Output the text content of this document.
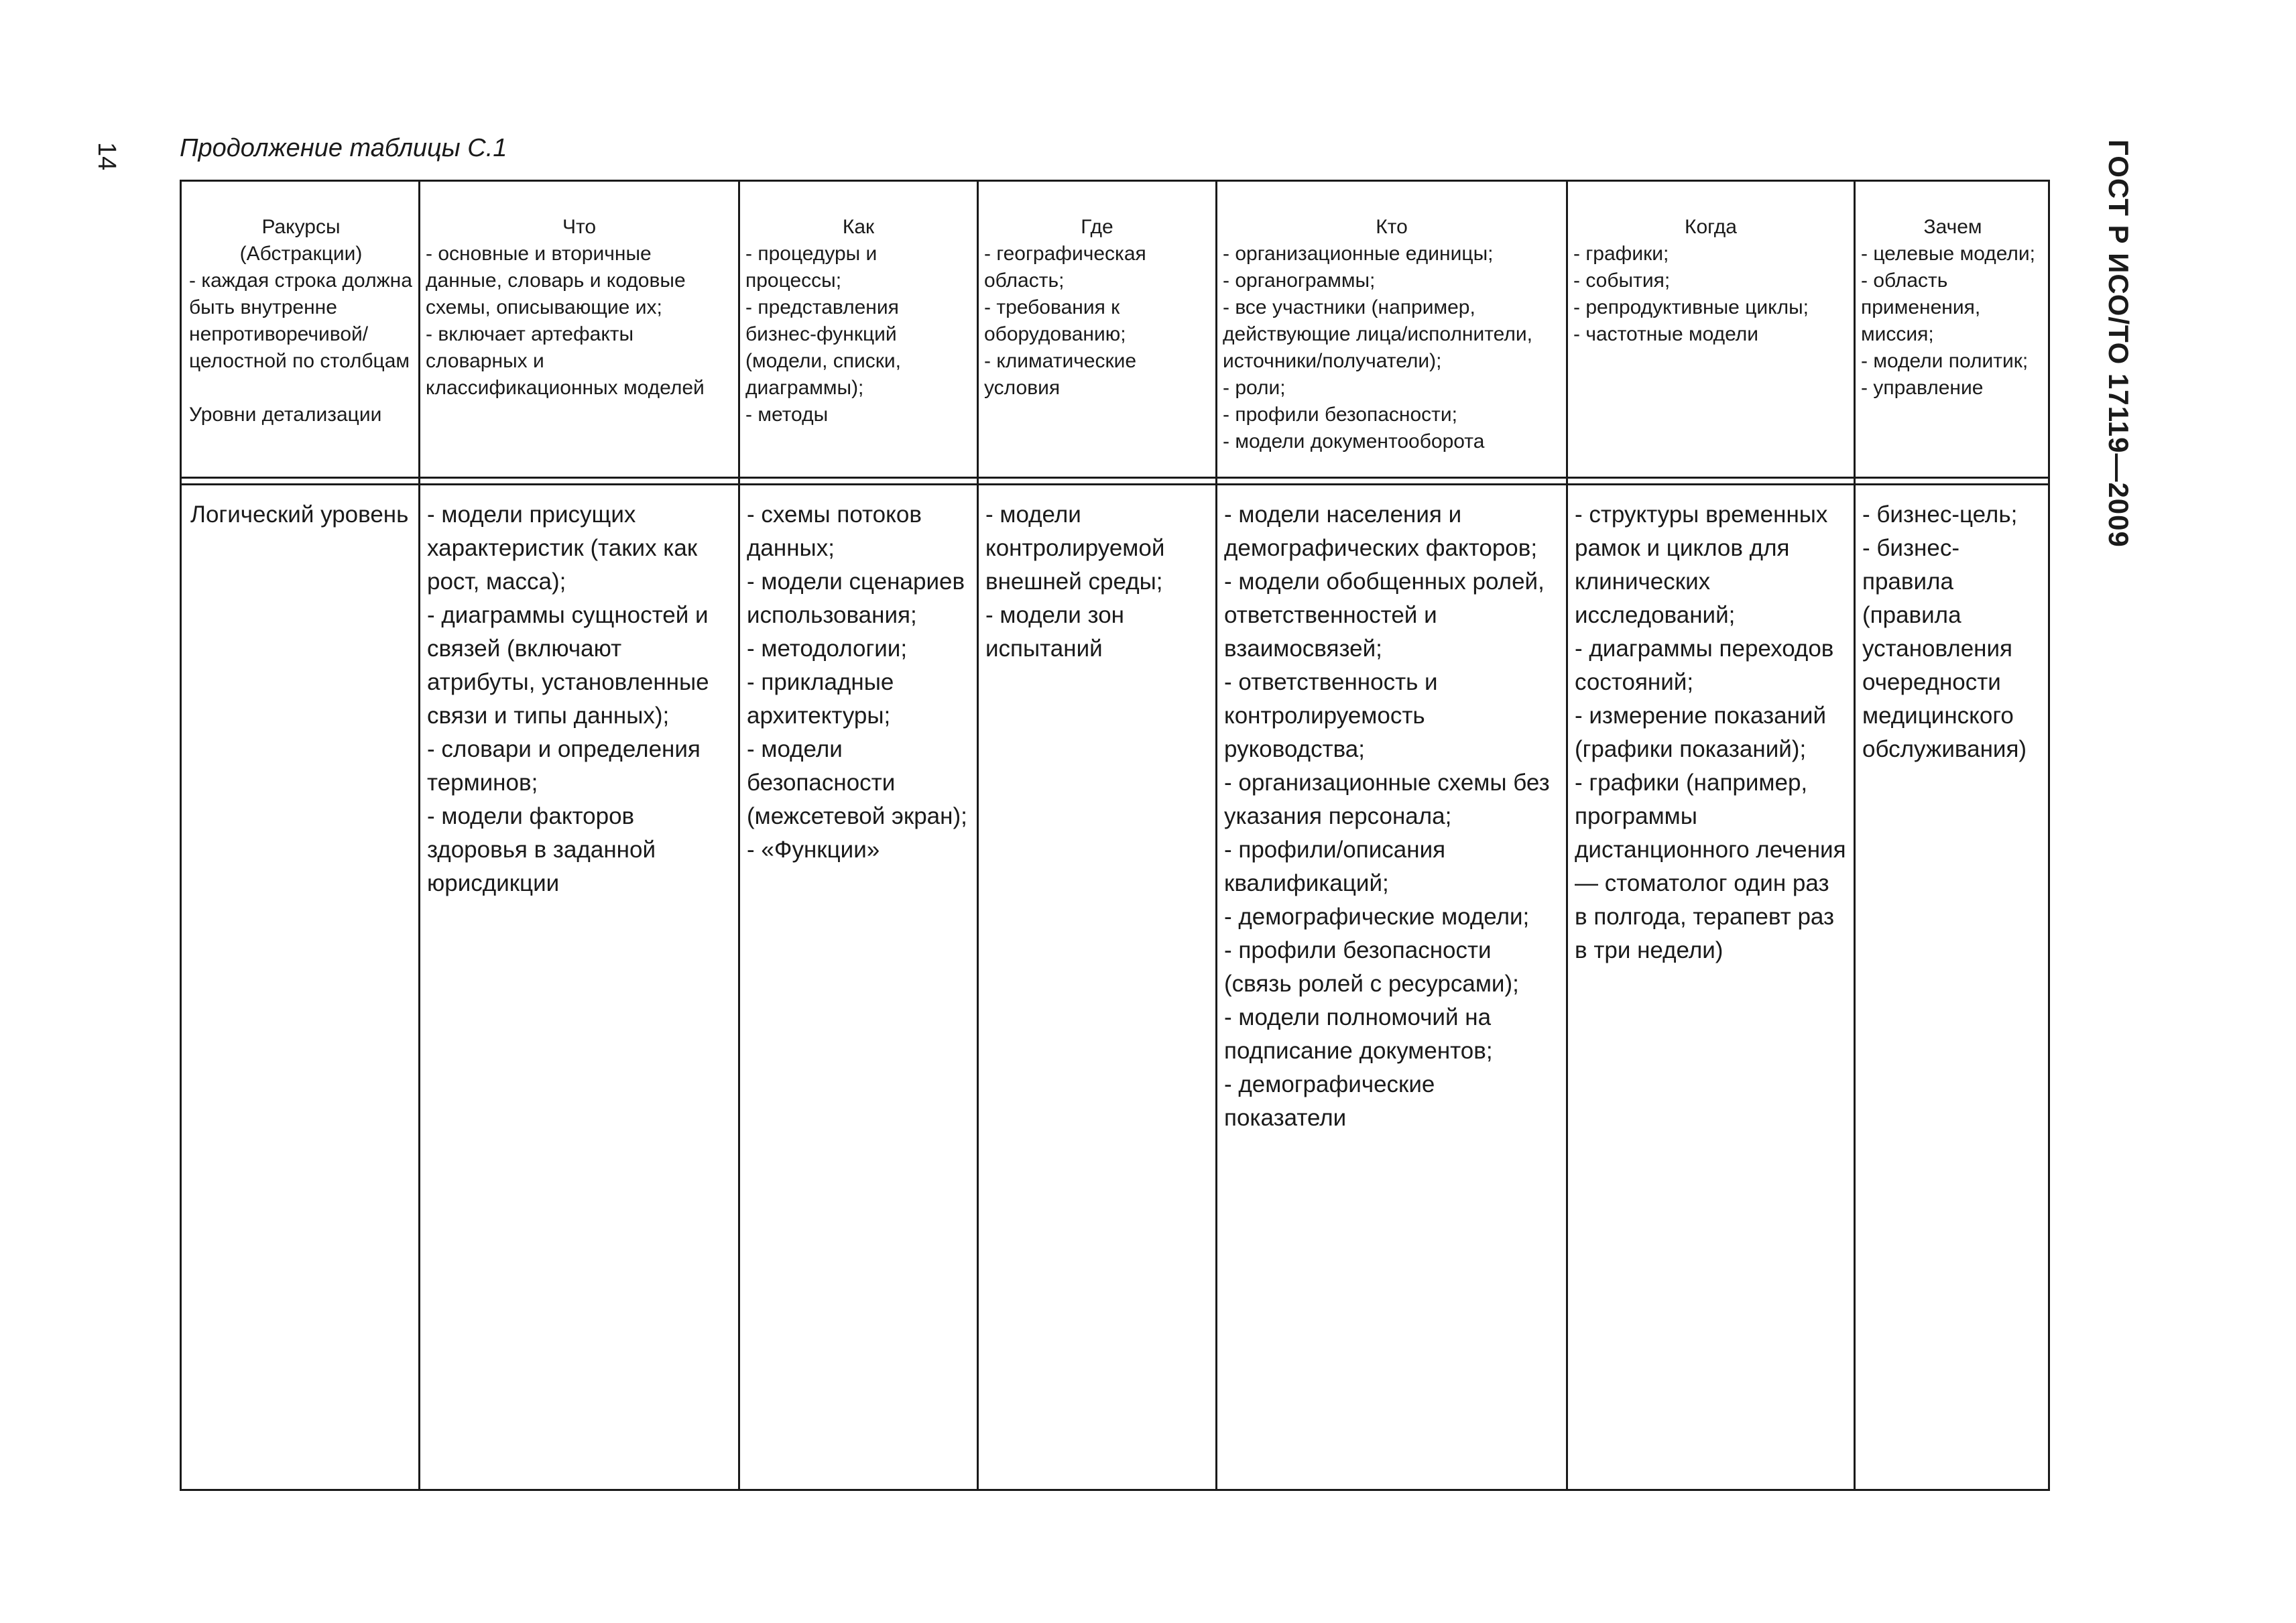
14 Продолжение таблицы С.1	ГОСТ Р ИСО/ТО 17119—2009

Ракурсы
(Абстракции)
- каждая строка должна быть внутренне непротиворечивой/целостной по столбцам

Уровни детализации

Что
- основные и вторичные данные, словарь и кодовые схемы, описывающие их;
- включает артефакты словарных и классификационных моделей

Как
- процедуры и процессы;
- представления бизнес-функций (модели, списки, диаграммы);
- методы

Где
- географическая область;
- требования к оборудованию;
- климатические условия

Кто
- организационные единицы;
- органограммы;
- все участники (например, действующие лица/исполнители, источники/получатели);
- роли;
- профили безопасности;
- модели документооборота

Когда
- графики;
- события;
- репродуктивные циклы;
- частотные модели

Зачем
- целевые модели;
- область применения, миссия;
- модели политик;
- управление

Логический уровень - модели присущих характеристик (таких как рост, масса);
- диаграммы сущностей и связей (включают атрибуты, установленные связи и типы данных);
- словари и определения терминов;
- модели факторов здоровья в заданной юрисдикции
- схемы потоков данных;
- модели сценариев использования;
- методологии;
- прикладные архитектуры;
- модели безопасности (межсетевой экран);
- «Функции»
- модели контролируемой внешней среды;
- модели зон испытаний
- модели населения и демографических факторов;
- модели обобщенных ролей, ответственностей и взаимосвязей;
- ответственность и контролируемость руководства;
- организационные схемы без указания персонала;
- профили/описания квалификаций;
- демографические модели;
- профили безопасности (связь ролей с ресурсами);
- модели полномочий на подписание документов;
- демографические показатели
- структуры временных рамок и циклов для клинических исследований;
- диаграммы переходов состояний;
- измерение показаний (графики показаний);
- графики (например, программы дистанционного лечения — стоматолог один раз в полгода, терапевт раз в три недели)
- бизнес-цель;
- бизнес-правила (правила установления очередности медицинского обслуживания)
